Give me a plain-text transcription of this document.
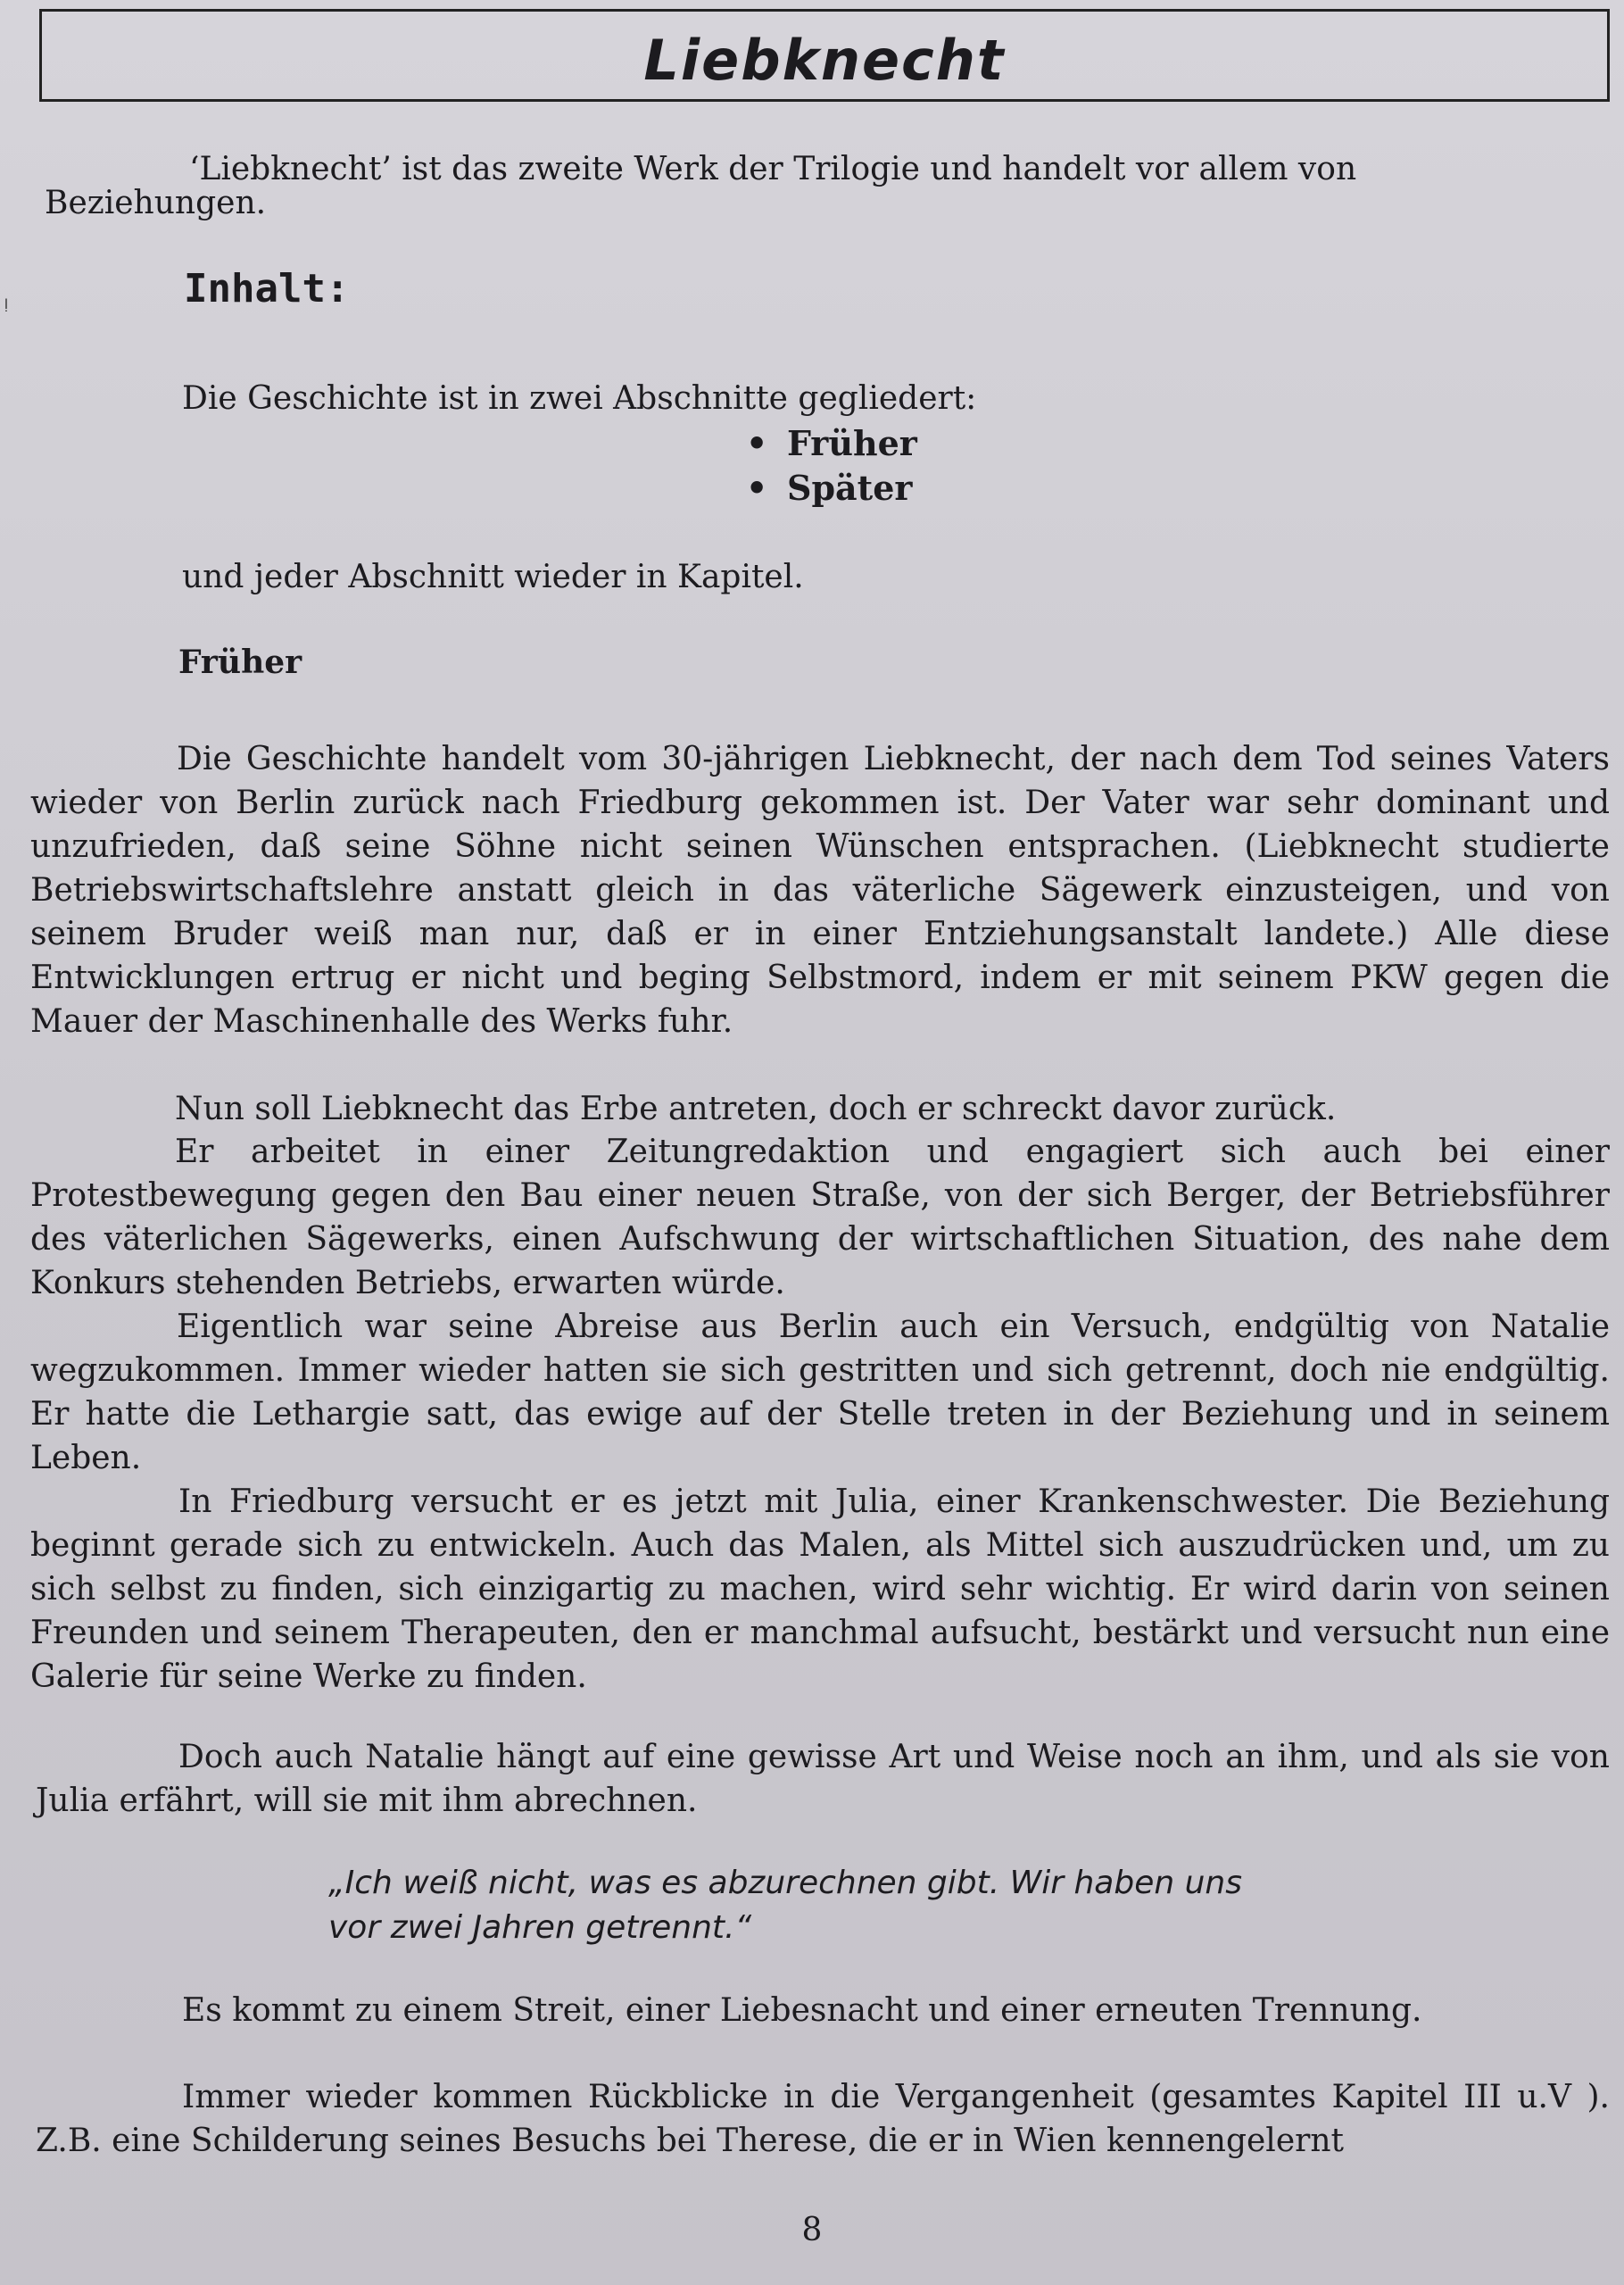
Liebknecht
‘Liebknecht’ ist das zweite Werk der Trilogie und handelt vor allem von
Beziehungen.
Inhalt:
Die Geschichte ist in zwei Abschnitte gegliedert:
• Früher
• Später
und jeder Abschnitt wieder in Kapitel.
Früher

Die Geschichte handelt vom 30-jährigen Liebknecht, der nach dem Tod seines Vaters wieder von Berlin zurück nach Friedburg gekommen ist. Der Vater war sehr dominant und unzufrieden, daß seine Söhne nicht seinen Wünschen entsprachen. (Liebknecht studierte Betriebswirtschaftslehre anstatt gleich in das väterliche Sägewerk einzusteigen, und von seinem Bruder weiß man nur, daß er in einer Entziehungsanstalt landete.) Alle diese Entwicklungen ertrug er nicht und beging Selbstmord, indem er mit seinem PKW gegen die Mauer der Maschinenhalle des Werks fuhr.

Nun soll Liebknecht das Erbe antreten, doch er schreckt davor zurück.

Er arbeitet in einer Zeitungredaktion und engagiert sich auch bei einer Protestbewegung gegen den Bau einer neuen Straße, von der sich Berger, der Betriebsführer des väterlichen Sägewerks, einen Aufschwung der wirtschaftlichen Situation, des nahe dem Konkurs stehenden Betriebs, erwarten würde.

Eigentlich war seine Abreise aus Berlin auch ein Versuch, endgültig von Natalie wegzukommen. Immer wieder hatten sie sich gestritten und sich getrennt, doch nie endgültig. Er hatte die Lethargie satt, das ewige auf der Stelle treten in der Beziehung und in seinem Leben.

In Friedburg versucht er es jetzt mit Julia, einer Krankenschwester. Die Beziehung beginnt gerade sich zu entwickeln. Auch das Malen, als Mittel sich auszudrücken und, um zu sich selbst zu finden, sich einzigartig zu machen, wird sehr wichtig. Er wird darin von seinen Freunden und seinem Therapeuten, den er manchmal aufsucht, bestärkt und versucht nun eine Galerie für seine Werke zu finden.

Doch auch Natalie hängt auf eine gewisse Art und Weise noch an ihm, und als sie von Julia erfährt, will sie mit ihm abrechnen.

„Ich weiß nicht, was es abzurechnen gibt. Wir haben uns vor zwei Jahren getrennt.“

Es kommt zu einem Streit, einer Liebesnacht und einer erneuten Trennung.

Immer wieder kommen Rückblicke in die Vergangenheit (gesamtes Kapitel III u.V ). Z.B. eine Schilderung seines Besuchs bei Therese, die er in Wien kennengelernt

8
ǃ
